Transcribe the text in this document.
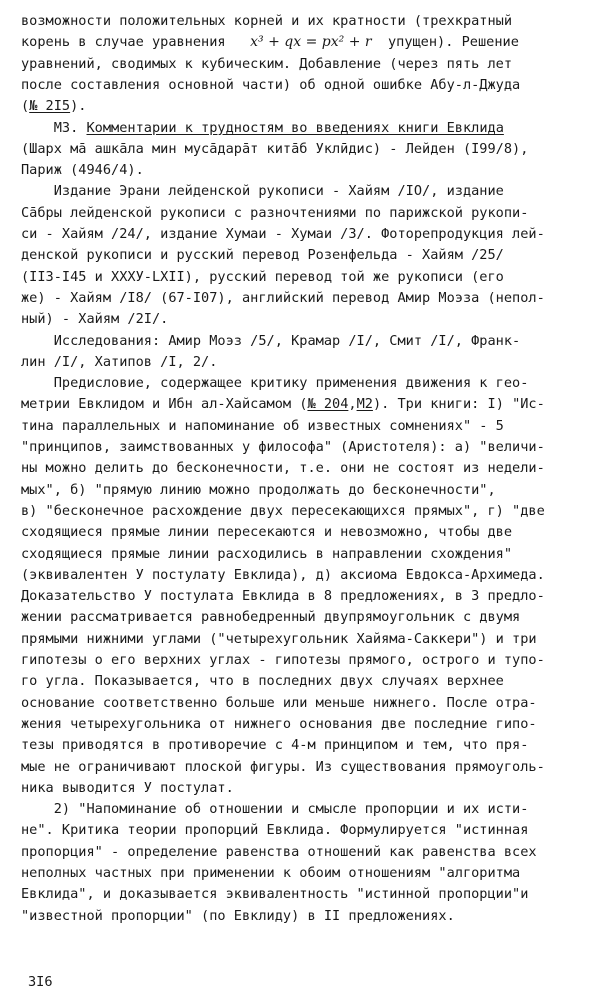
возможности положительных корней и их кратности (трехкратный
корень в случае уравнения   x³ + qx = px² + r  упущен). Решение
уравнений, сводимых к кубическим. Добавление (через пять лет
после составления основной части) об одной ошибке Абу-л-Джуда
(№ 2I5).
МЗ. Комментарии к трудностям во введениях книги Евклида
(Шарх ма̄ ашка̄ла мин муса̄дара̄т кита̄б Уклӣдис) - Лейден (I99/8),
Париж (4946/4).
Издание Эрани лейденской рукописи - Хайям /IO/, издание
Са̄бры лейденской рукописи с разночтениями по парижской рукопи-
си - Хайям /24/, издание Хумаи - Хумаи /3/. Фоторепродукция лей-
денской рукописи и русский перевод Розенфельда - Хайям /25/
(II3-I45 и XXXУ-LXII), русский перевод той же рукописи (его
же) - Хайям /I8/ (67-I07), английский перевод Амир Моэза (непол-
ный) - Хайям /2I/.
Исследования: Амир Моэз /5/, Крамар /I/, Смит /I/, Франк-
лин /I/, Хатипов /I, 2/.
Предисловие, содержащее критику применения движения к гео-
метрии Евклидом и Ибн ал-Хайсамом (№ 204,М2). Три книги: I) "Ис-
тина параллельных и напоминание об известных сомнениях" - 5
"принципов, заимствованных у философа" (Аристотеля): а) "величи-
ны можно делить до бесконечности, т.е. они не состоят из недели-
мых", б) "прямую линию можно продолжать до бесконечности",
в) "бесконечное расхождение двух пересекающихся прямых", г) "две
сходящиеся прямые линии пересекаются и невозможно, чтобы две
сходящиеся прямые линии расходились в направлении схождения"
(эквивалентен У постулату Евклида), д) аксиома Евдокса-Архимеда.
Доказательство У постулата Евклида в 8 предложениях, в 3 предло-
жении рассматривается равнобедренный двупрямоугольник с двумя
прямыми нижними углами ("четырехугольник Хайяма-Саккери") и три
гипотезы о его верхних углах - гипотезы прямого, острого и тупо-
го угла. Показывается, что в последних двух случаях верхнее
основание соответственно больше или меньше нижнего. После отра-
жения четырехугольника от нижнего основания две последние гипо-
тезы приводятся в противоречие с 4-м принципом и тем, что пря-
мые не ограничивают плоской фигуры. Из существования прямоуголь-
ника выводится У постулат.
2) "Напоминание об отношении и смысле пропорции и их исти-
не". Критика теории пропорций Евклида. Формулируется "истинная
пропорция" - определение равенства отношений как равенства всех
неполных частных при применении к обоим отношениям "алгоритма
Евклида", и доказывается эквивалентность "истинной пропорции"и
"известной пропорции" (по Евклиду) в II предложениях.
3I6
